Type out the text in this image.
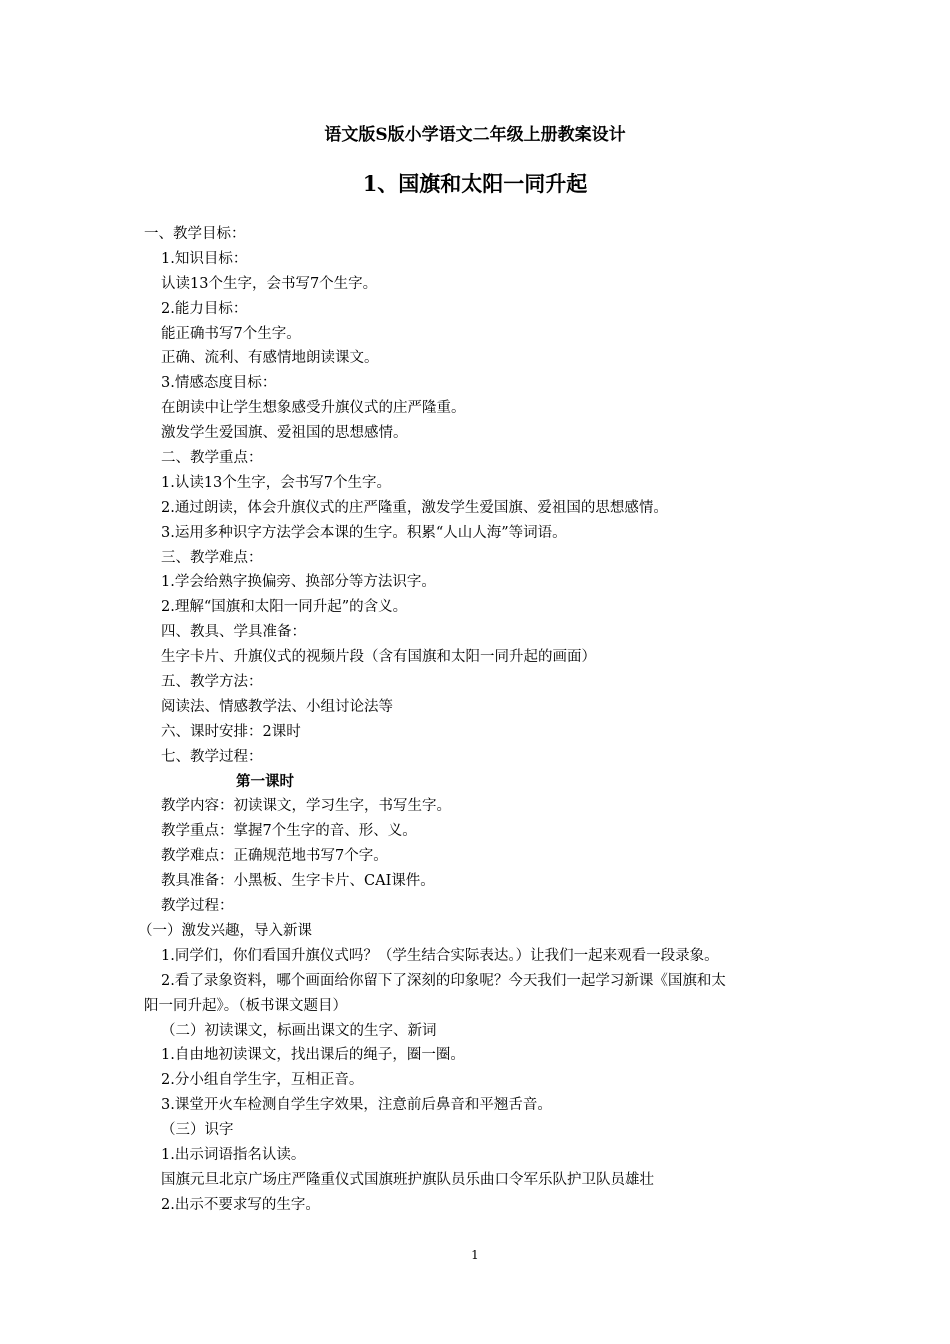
语文版S版小学语文二年级上册教案设计
1、国旗和太阳一同升起
一、教学目标：
1.知识目标：
认读13个生字，会书写7个生字。
2.能力目标：
能正确书写7个生字。
正确、流利、有感情地朗读课文。
3.情感态度目标：
在朗读中让学生想象感受升旗仪式的庄严隆重。
激发学生爱国旗、爱祖国的思想感情。
二、教学重点：
1.认读13个生字，会书写7个生字。
2.通过朗读，体会升旗仪式的庄严隆重，激发学生爱国旗、爱祖国的思想感情。
3.运用多种识字方法学会本课的生字。积累“人山人海”等词语。
三、教学难点：
1.学会给熟字换偏旁、换部分等方法识字。
2.理解“国旗和太阳一同升起”的含义。
四、教具、学具准备：
生字卡片、升旗仪式的视频片段（含有国旗和太阳一同升起的画面）
五、教学方法：
阅读法、情感教学法、小组讨论法等
六、课时安排：2课时
七、教学过程：
第一课时
教学内容：初读课文，学习生字，书写生字。
教学重点：掌握7个生字的音、形、义。
教学难点：正确规范地书写7个字。
教具准备：小黑板、生字卡片、CAI课件。
教学过程：
（一）激发兴趣，导入新课
1.同学们，你们看国升旗仪式吗？（学生结合实际表达。）让我们一起来观看一段录象。
2.看了录象资料，哪个画面给你留下了深刻的印象呢？今天我们一起学习新课《国旗和太
阳一同升起》。（板书课文题目）
（二）初读课文，标画出课文的生字、新词
1.自由地初读课文，找出课后的绳子，圈一圈。
2.分小组自学生字，互相正音。
3.课堂开火车检测自学生字效果，注意前后鼻音和平翘舌音。
（三）识字
1.出示词语指名认读。
国旗元旦北京广场庄严隆重仪式国旗班护旗队员乐曲口令军乐队护卫队员雄壮
2.出示不要求写的生字。
1
